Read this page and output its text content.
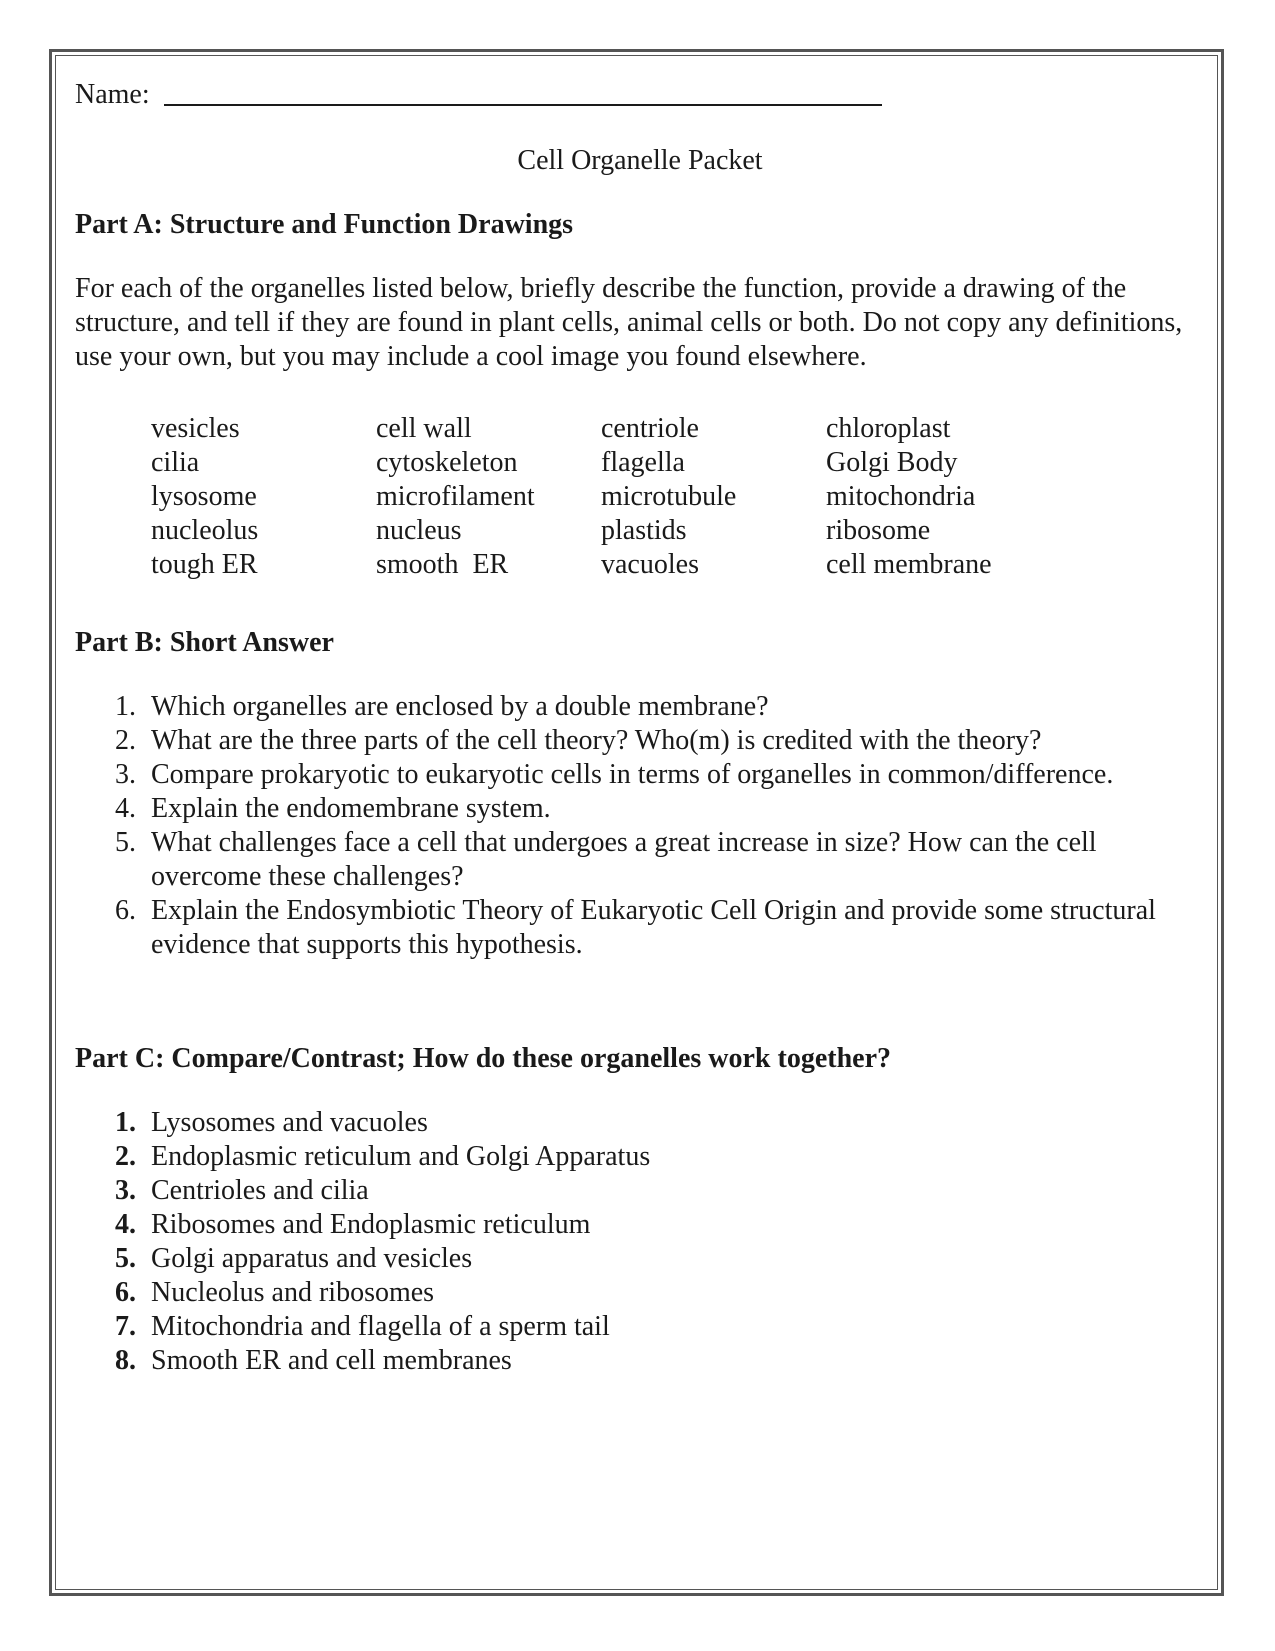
Name:
Cell Organelle Packet
Part A: Structure and Function Drawings
For each of the organelles listed below, briefly describe the function, provide a drawing of the structure, and tell if they are found in plant cells, animal cells or both. Do not copy any definitions, use your own, but you may include a cool image you found elsewhere.
vesicles	cell wall	centriole	chloroplast
cilia	cytoskeleton	flagella	Golgi Body
lysosome	microfilament	microtubule	mitochondria
nucleolus	nucleus	plastids	ribosome
tough ER	smooth  ER	vacuoles	cell membrane
Part B: Short Answer
1. Which organelles are enclosed by a double membrane?
2. What are the three parts of the cell theory? Who(m) is credited with the theory?
3. Compare prokaryotic to eukaryotic cells in terms of organelles in common/difference.
4. Explain the endomembrane system.
5. What challenges face a cell that undergoes a great increase in size? How can the cell overcome these challenges?
6. Explain the Endosymbiotic Theory of Eukaryotic Cell Origin and provide some structural evidence that supports this hypothesis.
Part C: Compare/Contrast; How do these organelles work together?
1. Lysosomes and vacuoles
2. Endoplasmic reticulum and Golgi Apparatus
3. Centrioles and cilia
4. Ribosomes and Endoplasmic reticulum
5. Golgi apparatus and vesicles
6. Nucleolus and ribosomes
7. Mitochondria and flagella of a sperm tail
8. Smooth ER and cell membranes
